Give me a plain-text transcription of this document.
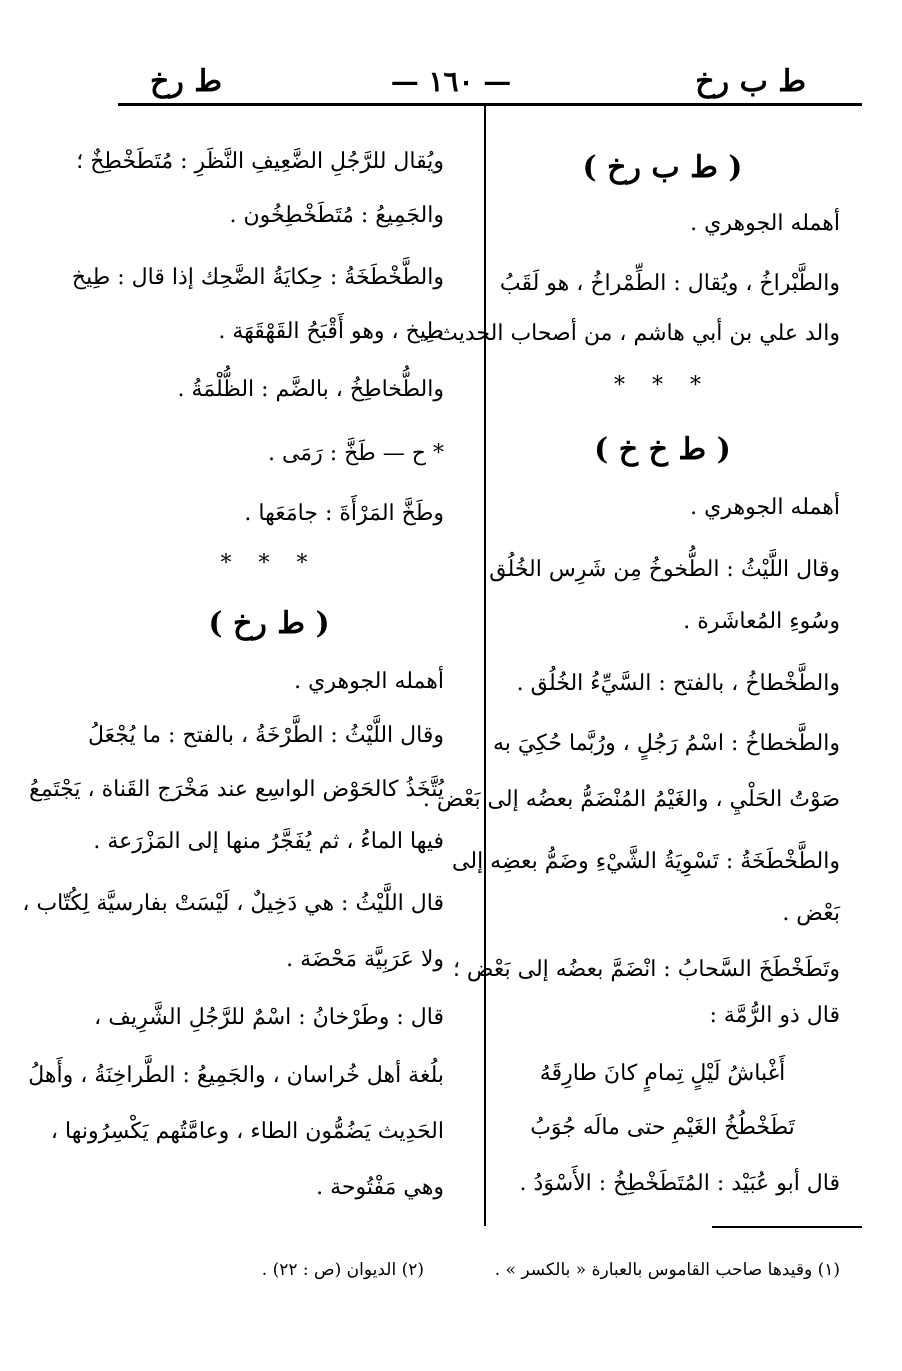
ط ب رخ
— ١٦٠ —
ط رخ
( ط ب رخ )
أهمله الجوهري .
والطَّبْراخُ ، ويُقال : الطِّمْراخُ ، هو لَقَبُ
والد علي بن أبي هاشم ، من أصحاب الحديث .
* * *
( ط خ خ )
أهمله الجوهري .
وقال اللَّيْثُ : الطُّخوخُ مِن شَرِس الخُلُق
وسُوءِ المُعاشَرة .
والطَّخْطاخُ ، بالفتح : السَّيِّءُ الخُلُق .
والطَّخطاخُ : اسْمُ رَجُلٍ ، ورُبَّما حُكِيَ به
صَوْتُ الحَلْيِ ، والغَيْمُ المُنْضَمُّ بعضُه إلى بَعْض .
والطَّخْطَخَةُ : تَسْوِيَةُ الشَّيْءِ وضَمُّ بعضِه إلى
بَعْض .
وتَطَخْطَخَ السَّحابُ : انْضَمَّ بعضُه إلى بَعْض ؛
قال ذو الرُّمَّة :
أَغْباشُ لَيْلٍ تِمامٍ كانَ طارِقَهُ
تَطَخْطُخُ الغَيْمِ حتى مالَه جُوَبُ
قال أبو عُبَيْد : المُتَطَخْطِخُ : الأَسْوَدُ .
ويُقال للرَّجُلِ الضَّعِيفِ النَّظَرِ : مُتَطَخْطِخٌ ؛
والجَمِيعُ : مُتَطَخْطِخُون .
والطَّخْطَخَةُ : حِكايَةُ الضَّحِك إذا قال : طِيخ
طِيخ ، وهو أَقْبَحُ القَهْقَهَة .
والطُّخاطِخُ ، بالضَّم : الظُّلْمَةُ .
* ح — طَخَّ : رَمَى .
وطَخَّ المَرْأَةَ : جامَعَها .
* * *
( ط رخ )
أهمله الجوهري .
وقال اللَّيْثُ : الطَّرْخَةُ ، بالفتح : ما يُجْعَلُ
يُتَّخَذُ كالحَوْض الواسِع عند مَخْرَج القَناة ، يَجْتَمِعُ
فيها الماءُ ، ثم يُفَجَّرُ منها إلى المَزْرَعة .
قال اللَّيْثُ : هي دَخِيلٌ ، لَيْسَتْ بفارسيَّة لِكُتّاب ،
ولا عَرَبِيَّة مَحْضَة .
قال : وطَرْخانُ : اسْمٌ للرَّجُلِ الشَّرِيف ،
بلُغة أهل خُراسان ، والجَمِيعُ : الطَّراخِنَةُ ، وأَهلُ
الحَدِيث يَضُمُّون الطاء ، وعامَّتُهم يَكْسِرُونها ،
وهي مَفْتُوحة .
(١) وقيدها صاحب القاموس بالعبارة « بالكسر » .
(٢) الديوان (ص : ٢٢) .
